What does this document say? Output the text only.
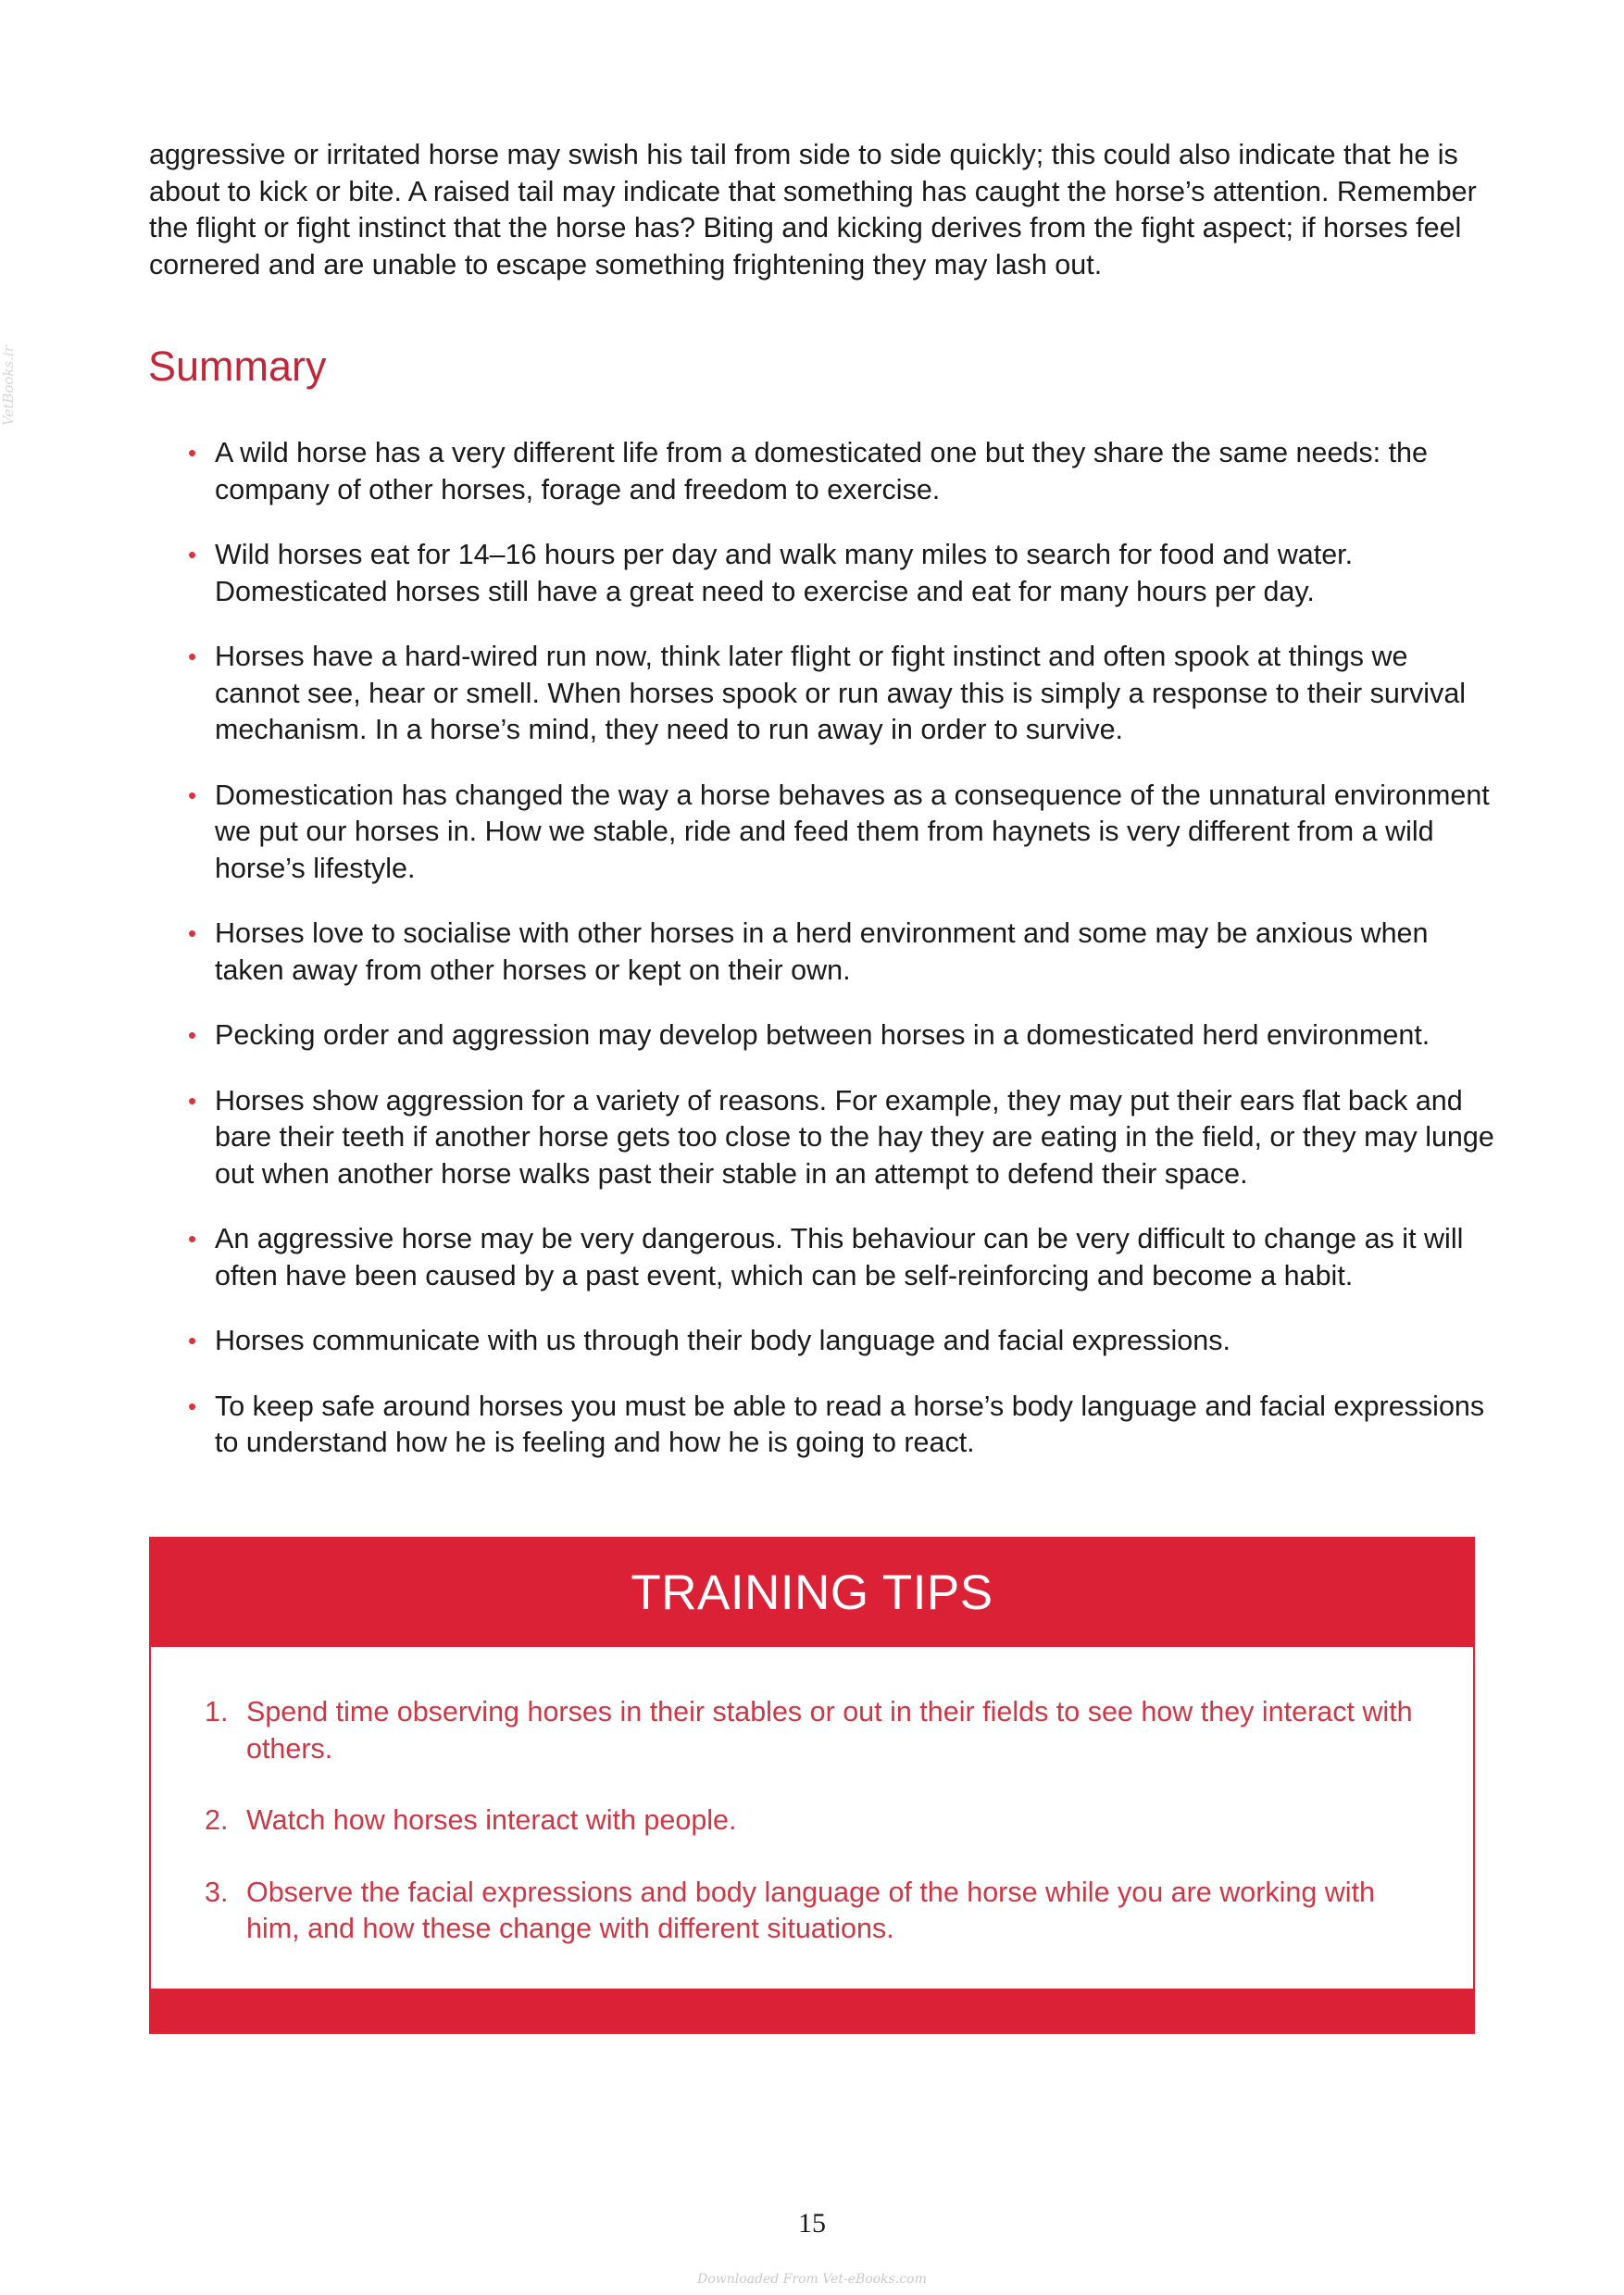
VetBooks.ir

aggressive or irritated horse may swish his tail from side to side quickly; this could also indicate that he is about to kick or bite. A raised tail may indicate that something has caught the horse’s attention. Remember the flight or fight instinct that the horse has? Biting and kicking derives from the fight aspect; if horses feel cornered and are unable to escape something frightening they may lash out.

Summary
• A wild horse has a very different life from a domesticated one but they share the same needs: the company of other horses, forage and freedom to exercise.
• Wild horses eat for 14–16 hours per day and walk many miles to search for food and water. Domesticated horses still have a great need to exercise and eat for many hours per day.
• Horses have a hard-wired run now, think later flight or fight instinct and often spook at things we cannot see, hear or smell. When horses spook or run away this is simply a response to their survival mechanism. In a horse’s mind, they need to run away in order to survive.
• Domestication has changed the way a horse behaves as a consequence of the unnatural environment we put our horses in. How we stable, ride and feed them from haynets is very different from a wild horse’s lifestyle.
• Horses love to socialise with other horses in a herd environment and some may be anxious when taken away from other horses or kept on their own.
• Pecking order and aggression may develop between horses in a domesticated herd environment.
• Horses show aggression for a variety of reasons. For example, they may put their ears flat back and bare their teeth if another horse gets too close to the hay they are eating in the field, or they may lunge out when another horse walks past their stable in an attempt to defend their space.
• An aggressive horse may be very dangerous. This behaviour can be very difficult to change as it will often have been caused by a past event, which can be self-reinforcing and become a habit.
• Horses communicate with us through their body language and facial expressions.
• To keep safe around horses you must be able to read a horse’s body language and facial expressions to understand how he is feeling and how he is going to react.
TRAINING TIPS
1. Spend time observing horses in their stables or out in their fields to see how they interact with others.
2. Watch how horses interact with people.
3. Observe the facial expressions and body language of the horse while you are working with him, and how these change with different situations.
15
Downloaded From Vet-eBooks.com
